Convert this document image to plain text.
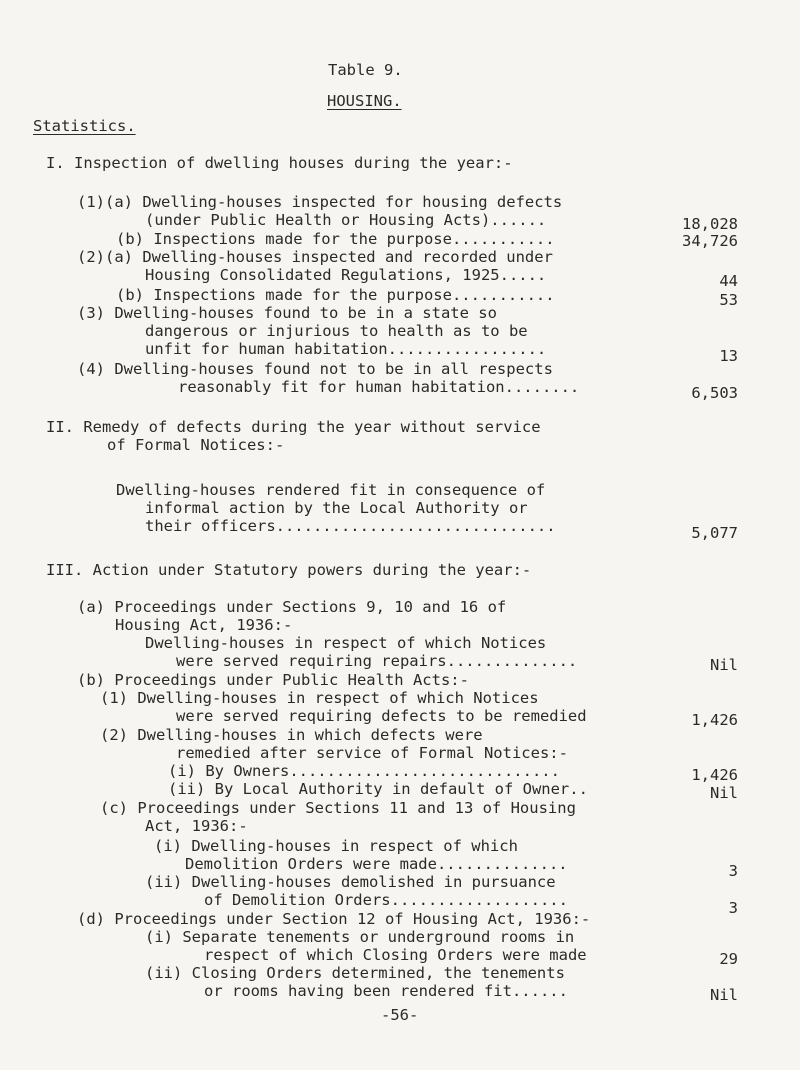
Table 9.
HOUSING.
Statistics.
I. Inspection of dwelling houses during the year:-
(1)(a) Dwelling-houses inspected for housing defects
(under Public Health or Housing Acts)......	18,028
(b) Inspections made for the purpose...........	34,726
(2)(a) Dwelling-houses inspected and recorded under
Housing Consolidated Regulations, 1925.....	44
(b) Inspections made for the purpose...........	53
(3) Dwelling-houses found to be in a state so
dangerous or injurious to health as to be
unfit for human habitation.................	13
(4) Dwelling-houses found not to be in all respects
reasonably fit for human habitation........	6,503
II. Remedy of defects during the year without service
of Formal Notices:-
Dwelling-houses rendered fit in consequence of
informal action by the Local Authority or
their officers..............................	5,077
III. Action under Statutory powers during the year:-
(a) Proceedings under Sections 9, 10 and 16 of
Housing Act, 1936:-
Dwelling-houses in respect of which Notices
were served requiring repairs..............	Nil
(b) Proceedings under Public Health Acts:-
(1) Dwelling-houses in respect of which Notices
were served requiring defects to be remedied	1,426
(2) Dwelling-houses in which defects were
remedied after service of Formal Notices:-
(i) By Owners.............................	1,426
(ii) By Local Authority in default of Owner..	Nil
(c) Proceedings under Sections 11 and 13 of Housing
Act, 1936:-
(i) Dwelling-houses in respect of which
Demolition Orders were made..............	3
(ii) Dwelling-houses demolished in pursuance
of Demolition Orders...................	3
(d) Proceedings under Section 12 of Housing Act, 1936:-
(i) Separate tenements or underground rooms in
respect of which Closing Orders were made	29
(ii) Closing Orders determined, the tenements
or rooms having been rendered fit......	Nil
-56-
